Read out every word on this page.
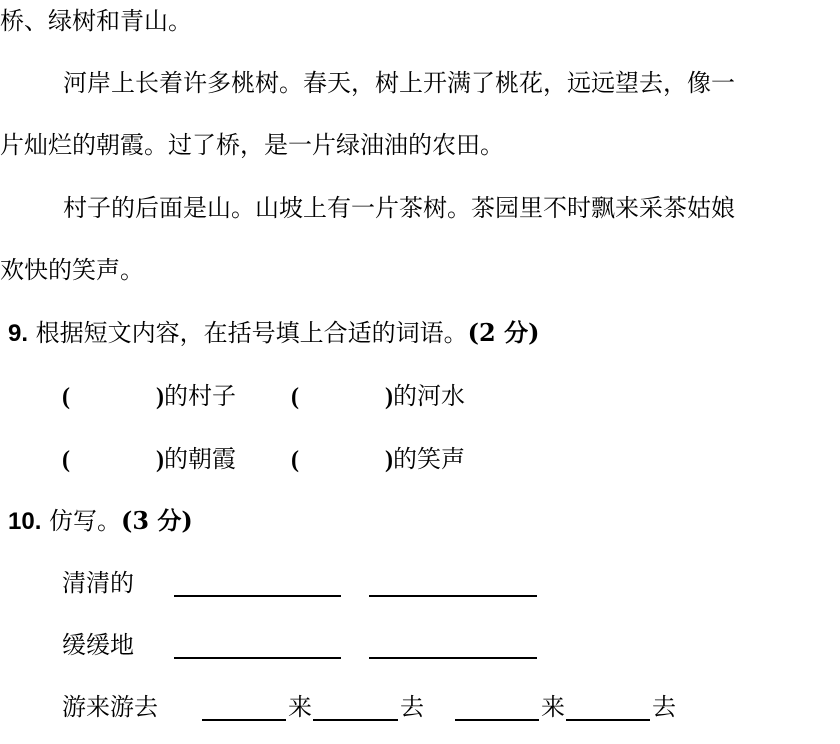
桥、绿树和青山。
河岸上长着许多桃树。春天，树上开满了桃花，远远望去，像一
片灿烂的朝霞。过了桥，是一片绿油油的农田。
村子的后面是山。山坡上有一片茶树。茶园里不时飘来采茶姑娘
欢快的笑声。
9. 根据短文内容，在括号填上合适的词语。(2 分)
(	)的村子 (	)的河水
(	)的朝霞 (	)的笑声
10. 仿写。(3 分)
清清的
缓缓地
游来游去	来	去	来	去
